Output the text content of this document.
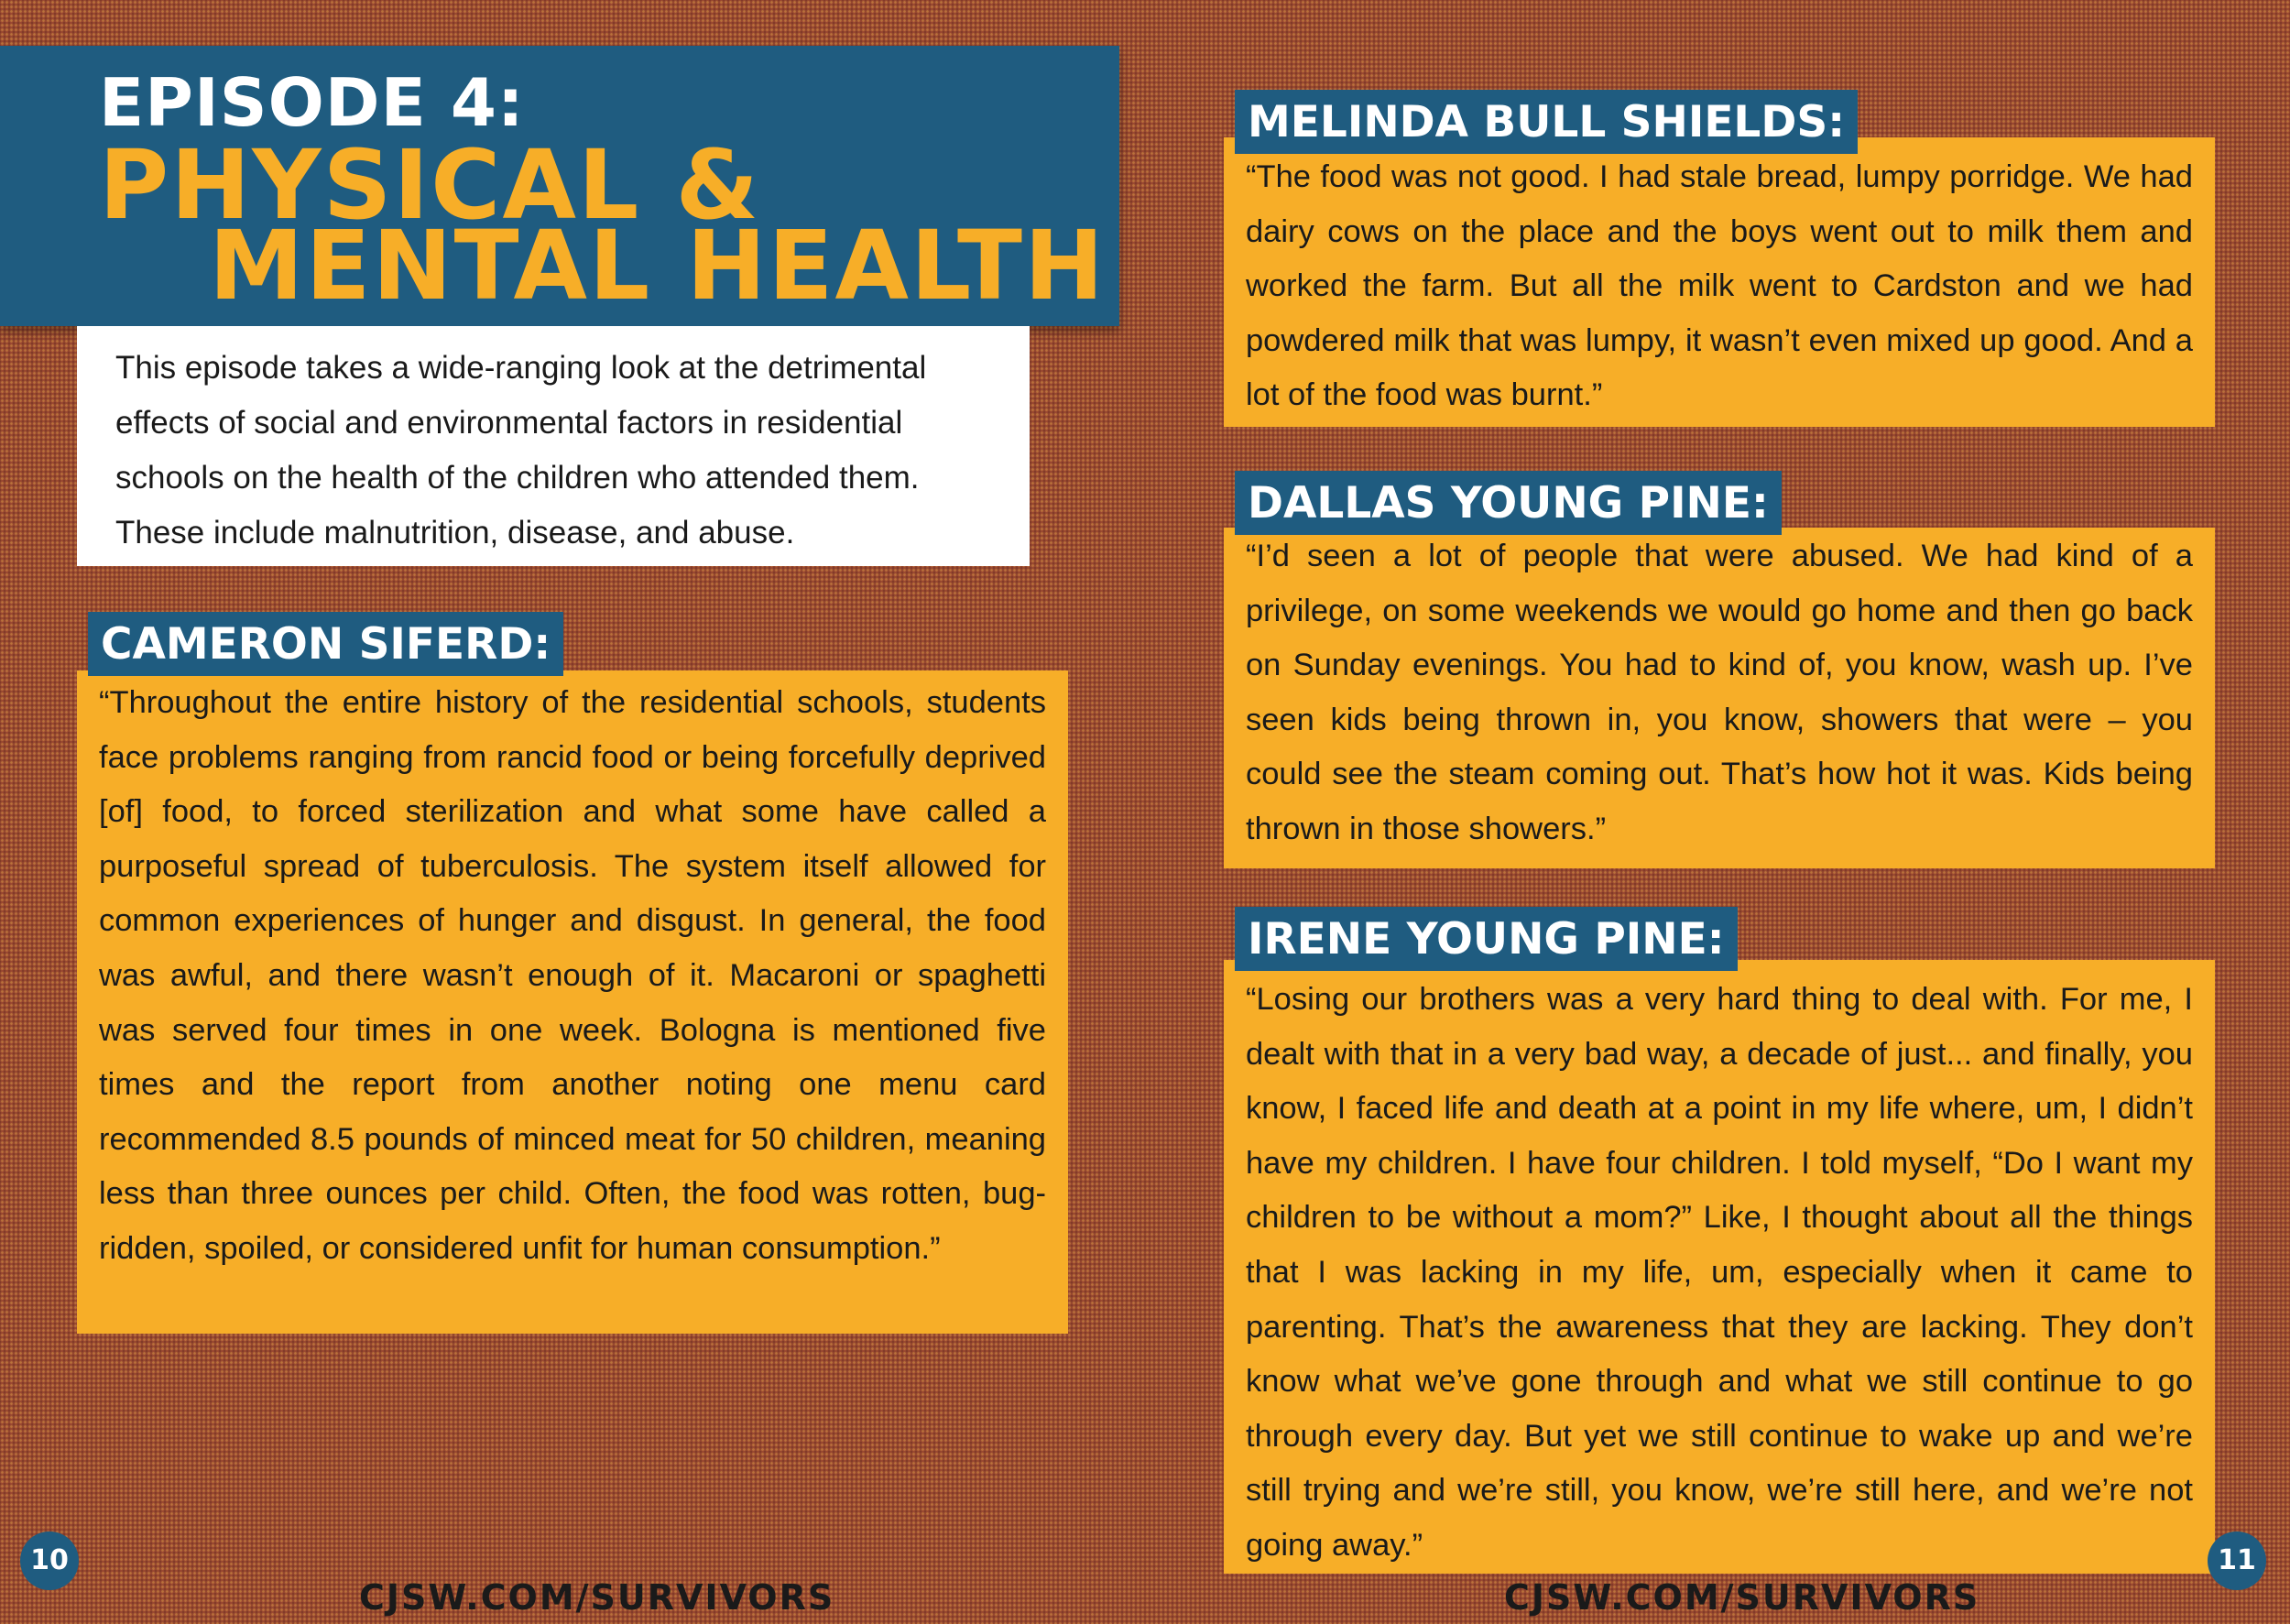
EPISODE 4:
PHYSICAL &
MENTAL HEALTH
This episode takes a wide-ranging look at the detrimental effects of social and environmental factors in residential schools on the health of the children who attended them. These include malnutrition, disease, and abuse.
CAMERON SIFERD:
“Throughout the entire history of the residential schools, students face problems ranging from rancid food or being forcefully deprived [of] food, to forced sterilization and what some have called a purposeful spread of tuberculosis. The system itself allowed for common experiences of hunger and disgust. In general, the food was awful, and there wasn’t enough of it. Macaroni or spaghetti was served four times in one week. Bologna is mentioned five times and the report from another noting one menu card recommended 8.5 pounds of minced meat for 50 children, meaning less than three ounces per child. Often, the food was rotten, bug-ridden, spoiled, or considered unfit for human consumption.”
MELINDA BULL SHIELDS:
“The food was not good. I had stale bread, lumpy porridge. We had dairy cows on the place and the boys went out to milk them and worked the farm. But all the milk went to Cardston and we had powdered milk that was lumpy, it wasn’t even mixed up good. And a lot of the food was burnt.”
DALLAS YOUNG PINE:
“I’d seen a lot of people that were abused. We had kind of a privilege, on some weekends we would go home and then go back on Sunday evenings. You had to kind of, you know, wash up. I’ve seen kids being thrown in, you know, showers that were – you could see the steam coming out. That’s how hot it was. Kids being thrown in those showers.”
IRENE YOUNG PINE:
“Losing our brothers was a very hard thing to deal with. For me, I dealt with that in a very bad way, a decade of just... and finally, you know, I faced life and death at a point in my life where, um, I didn’t have my children. I have four children. I told myself, “Do I want my children to be without a mom?” Like, I thought about all the things that I was lacking in my life, um, especially when it came to parenting. That’s the awareness that they are lacking. They don’t know what we’ve gone through and what we still continue to go through every day. But yet we still continue to wake up and we’re still trying and we’re still, you know, we’re still here, and we’re not going away.”
10	11
CJSW.COM/SURVIVORS	CJSW.COM/SURVIVORS
